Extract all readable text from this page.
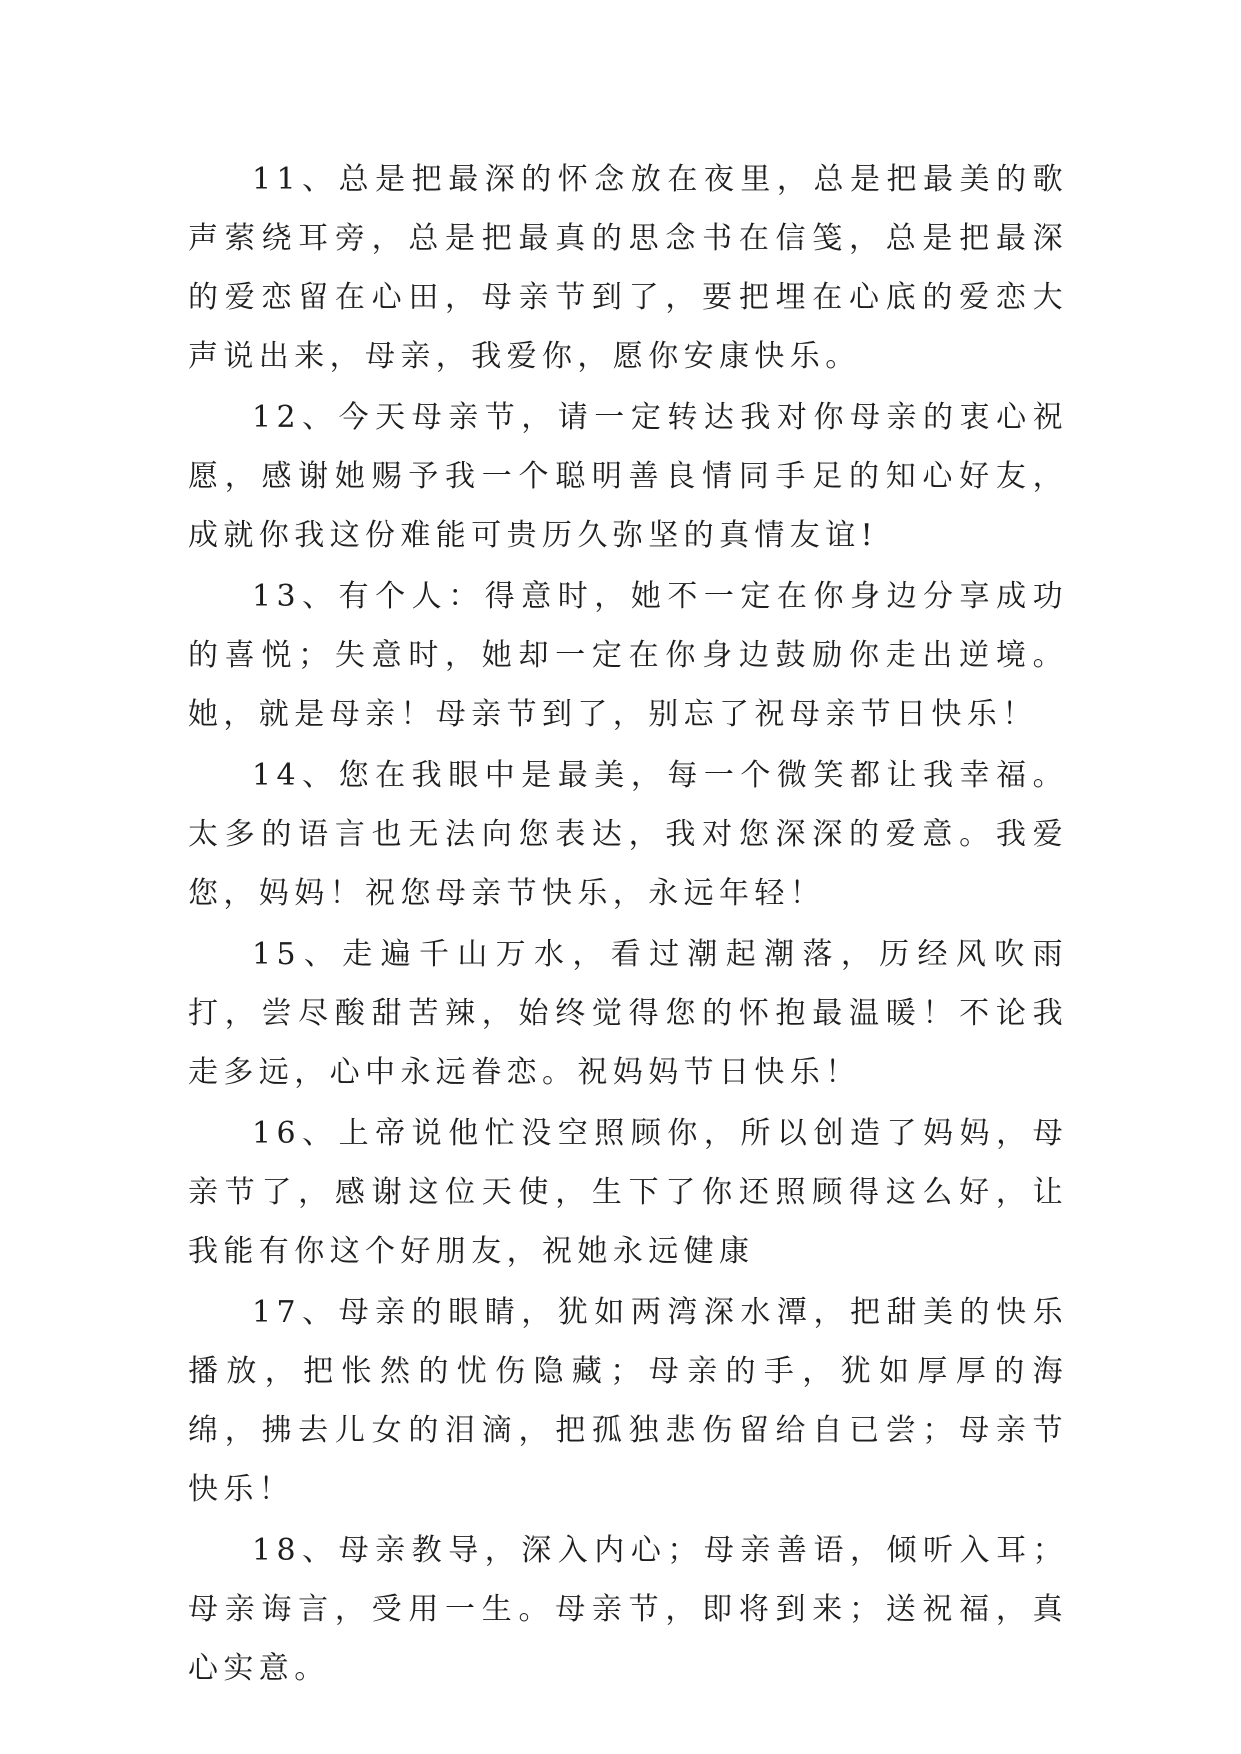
11、总是把最深的怀念放在夜里，总是把最美的歌声萦绕耳旁，总是把最真的思念书在信笺，总是把最深的爱恋留在心田，母亲节到了，要把埋在心底的爱恋大声说出来，母亲，我爱你，愿你安康快乐。

12、今天母亲节，请一定转达我对你母亲的衷心祝愿，感谢她赐予我一个聪明善良情同手足的知心好友，成就你我这份难能可贵历久弥坚的真情友谊!

13、有个人：得意时，她不一定在你身边分享成功的喜悦；失意时，她却一定在你身边鼓励你走出逆境。她，就是母亲！母亲节到了，别忘了祝母亲节日快乐！

14、您在我眼中是最美，每一个微笑都让我幸福。太多的语言也无法向您表达，我对您深深的爱意。我爱您，妈妈！祝您母亲节快乐，永远年轻！

15、走遍千山万水，看过潮起潮落，历经风吹雨打，尝尽酸甜苦辣，始终觉得您的怀抱最温暖！不论我走多远，心中永远眷恋。祝妈妈节日快乐！

16、上帝说他忙没空照顾你，所以创造了妈妈，母亲节了，感谢这位天使，生下了你还照顾得这么好，让我能有你这个好朋友，祝她永远健康

17、母亲的眼睛，犹如两湾深水潭，把甜美的快乐播放，把怅然的忧伤隐藏；母亲的手，犹如厚厚的海绵，拂去儿女的泪滴，把孤独悲伤留给自已尝；母亲节快乐！

18、母亲教导，深入内心；母亲善语，倾听入耳；母亲诲言，受用一生。母亲节，即将到来；送祝福，真心实意。
